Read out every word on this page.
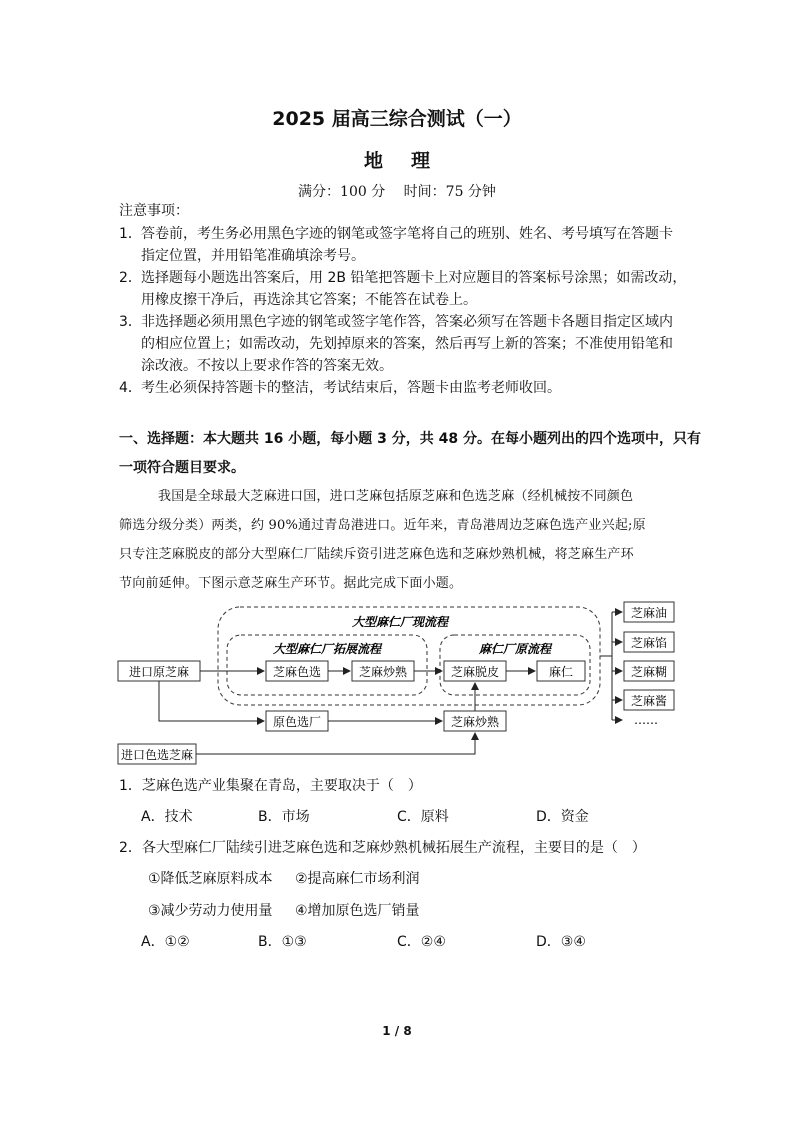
2025 届高三综合测试（一）
地理
满分：100 分　 时间：75 分钟
注意事项：
1．答卷前，考生务必用黑色字迹的钢笔或签字笔将自己的班别、姓名、考号填写在答题卡
指定位置，并用铅笔准确填涂考号。
2．选择题每小题选出答案后，用 2B 铅笔把答题卡上对应题目的答案标号涂黑；如需改动，
用橡皮擦干净后，再选涂其它答案；不能答在试卷上。
3．非选择题必须用黑色字迹的钢笔或签字笔作答，答案必须写在答题卡各题目指定区域内
的相应位置上；如需改动，先划掉原来的答案，然后再写上新的答案；不准使用铅笔和
涂改液。不按以上要求作答的答案无效。
4．考生必须保持答题卡的整洁，考试结束后，答题卡由监考老师收回。
一、选择题：本大题共 16 小题，每小题 3 分，共 48 分。在每小题列出的四个选项中，只有
一项符合题目要求。
我国是全球最大芝麻进口国，进口芝麻包括原芝麻和色选芝麻（经机械按不同颜色
筛选分级分类）两类，约 90%通过青岛港进口。近年来，青岛港周边芝麻色选产业兴起;原
只专注芝麻脱皮的部分大型麻仁厂陆续斥资引进芝麻色选和芝麻炒熟机械，将芝麻生产环
节向前延伸。下图示意芝麻生产环节。据此完成下面小题。
大型麻仁厂现流程
大型麻仁厂拓展流程	麻仁厂原流程
进口原芝麻	芝麻色选	芝麻炒熟	芝麻脱皮	麻仁
原色选厂	芝麻炒熟
进口色选芝麻
芝麻油
芝麻馅
芝麻糊
芝麻酱
……
1．芝麻色选产业集聚在青岛，主要取决于（　）
A．技术	B．市场	C．原料	D．资金
2．各大型麻仁厂陆续引进芝麻色选和芝麻炒熟机械拓展生产流程，主要目的是（　）
①降低芝麻原料成本 ②提高麻仁市场利润
③减少劳动力使用量 ④增加原色选厂销量
A．①②	B．①③	C．②④	D．③④
1 / 8
